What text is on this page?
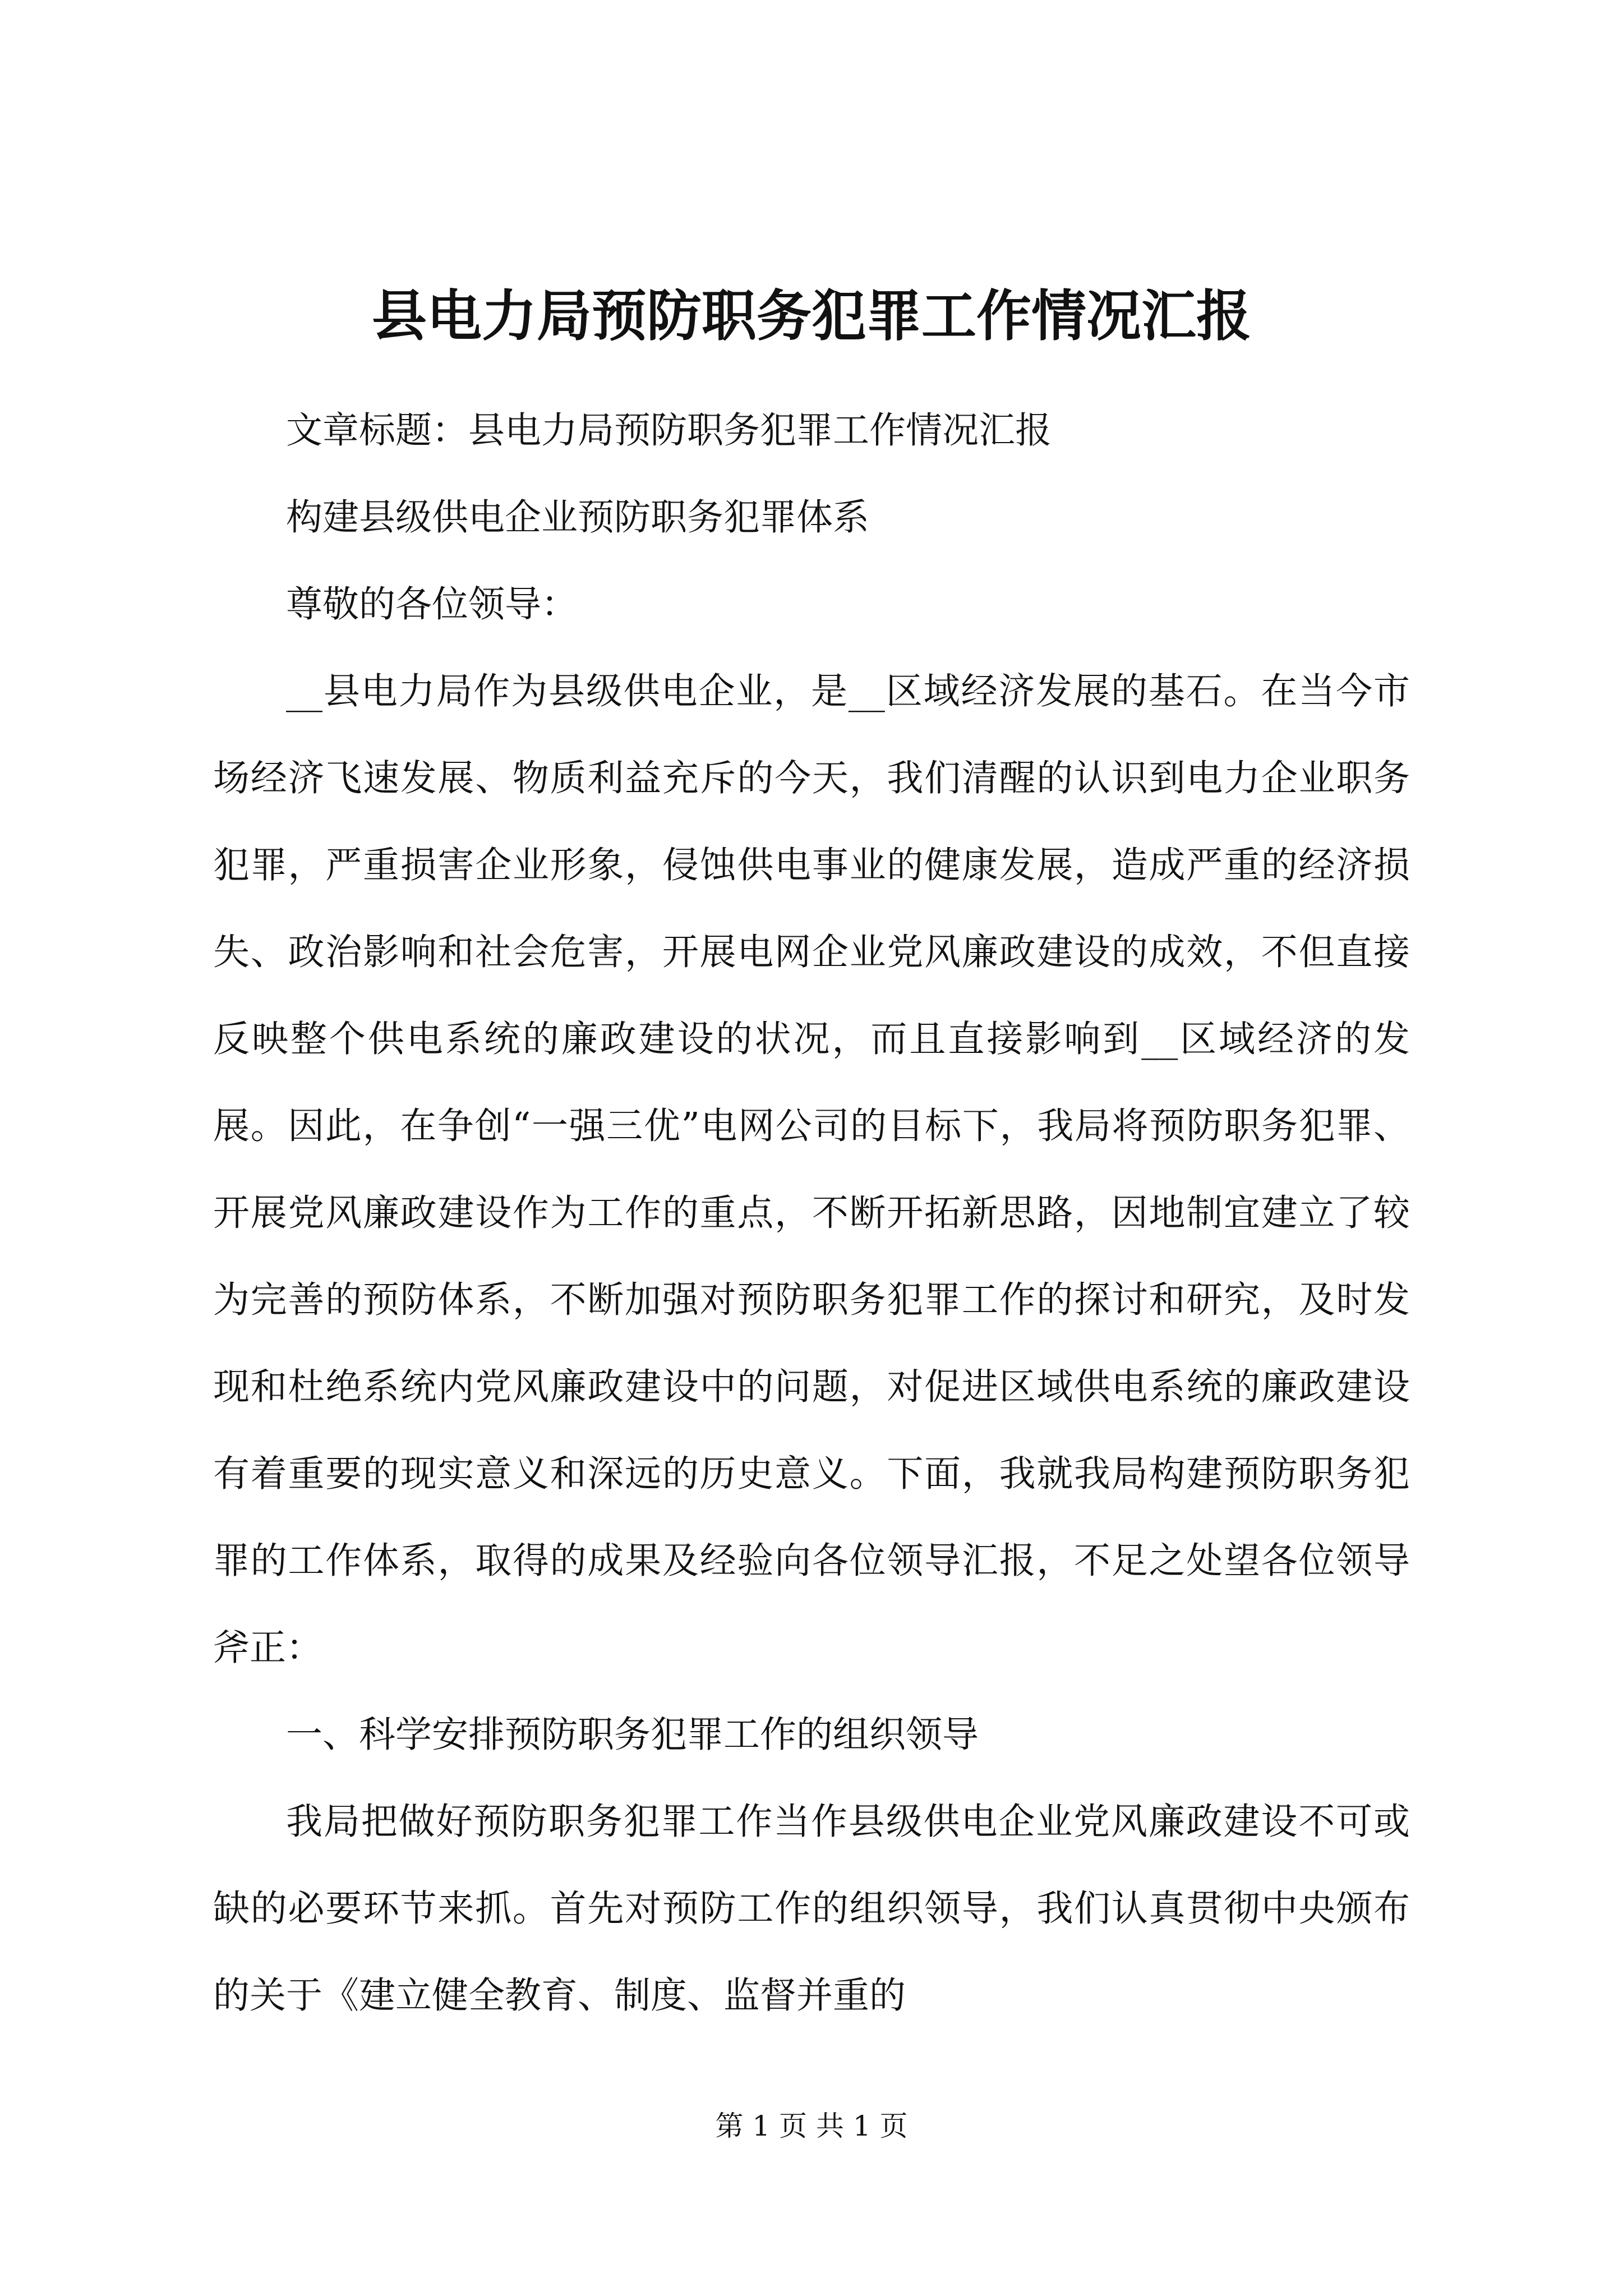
县电力局预防职务犯罪工作情况汇报

文章标题：县电力局预防职务犯罪工作情况汇报

构建县级供电企业预防职务犯罪体系

尊敬的各位领导：

__县电力局作为县级供电企业，是__区域经济发展的基石。在当今市场经济飞速发展、物质利益充斥的今天，我们清醒的认识到电力企业职务犯罪，严重损害企业形象，侵蚀供电事业的健康发展，造成严重的经济损失、政治影响和社会危害，开展电网企业党风廉政建设的成效，不但直接反映整个供电系统的廉政建设的状况，而且直接影响到__区域经济的发展。因此，在争创“一强三优”电网公司的目标下，我局将预防职务犯罪、开展党风廉政建设作为工作的重点，不断开拓新思路，因地制宜建立了较为完善的预防体系，不断加强对预防职务犯罪工作的探讨和研究，及时发现和杜绝系统内党风廉政建设中的问题，对促进区域供电系统的廉政建设有着重要的现实意义和深远的历史意义。下面，我就我局构建预防职务犯罪的工作体系，取得的成果及经验向各位领导汇报，不足之处望各位领导斧正：

一、科学安排预防职务犯罪工作的组织领导

我局把做好预防职务犯罪工作当作县级供电企业党风廉政建设不可或缺的必要环节来抓。首先对预防工作的组织领导，我们认真贯彻中央颁布的关于《建立健全教育、制度、监督并重的

第 1 页 共 1 页
